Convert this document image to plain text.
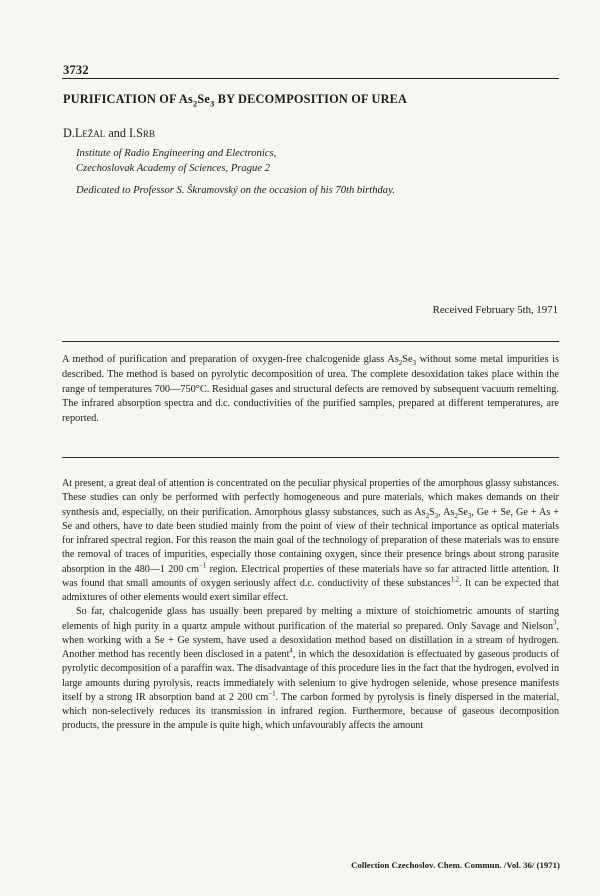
3732
PURIFICATION OF $As_2Se_3$ BY DECOMPOSITION OF UREA
D.Ležal and I.Srb
Institute of Radio Engineering and Electronics,
Czechoslovak Academy of Sciences, Prague 2
Dedicated to Professor S. Škramovský on the occasion of his 70th birthday.
Received February 5th, 1971
A method of purification and preparation of oxygen-free chalcogenide glass $As_2Se_3$ without some metal impurities is described. The method is based on pyrolytic decomposition of urea. The complete desoxidation takes place within the range of temperatures 700—750°C. Residual gases and structural defects are removed by subsequent vacuum remelting. The infrared absorption spectra and d.c. conductivities of the purified samples, prepared at different temperatures, are reported.

At present, a great deal of attention is concentrated on the peculiar physical properties of the amorphous glassy substances. These studies can only be performed with perfectly homogeneous and pure materials, which makes demands on their synthesis and, especially, on their purification. Amorphous glassy substances, such as $As_2S_3$, $As_2Se_3$, Ge + Se, Ge + As + Se and others, have to date been studied mainly from the point of view of their technical importance as optical materials for infrared spectral region. For this reason the main goal of the technology of preparation of these materials was to ensure the removal of traces of impurities, especially those containing oxygen, since their presence brings about strong parasite absorption in the 480—1 200 $cm^{-1}$ region. Electrical properties of these materials have so far attracted little attention. It was found that small amounts of oxygen seriously affect d.c. conductivity of these substances$^{1,2}$. It can be expected that admixtures of other elements would exert similar effect.

So far, chalcogenide glass has usually been prepared by melting a mixture of stoichiometric amounts of starting elements of high purity in a quartz ampule without purification of the material so prepared. Only Savage and Nielson$^3$, when working with a Se + Ge system, have used a desoxidation method based on distillation in a stream of hydrogen. Another method has recently been disclosed in a patent$^4$, in which the desoxidation is effectuated by gaseous products of pyrolytic decomposition of a paraffin wax. The disadvantage of this procedure lies in the fact that the hydrogen, evolved in large amounts during pyrolysis, reacts immediately with selenium to give hydrogen selenide, whose presence manifests itself by a strong IR absorption band at 2 200 $cm^{-1}$. The carbon formed by pyrolysis is finely dispersed in the material, which non-selectively reduces its transmission in infrared region. Furthermore, because of gaseous decomposition products, the pressure in the ampule is quite high, which unfavourably affects the amount

Collection Czechoslov. Chem. Commun. /Vol. 36/ (1971)
